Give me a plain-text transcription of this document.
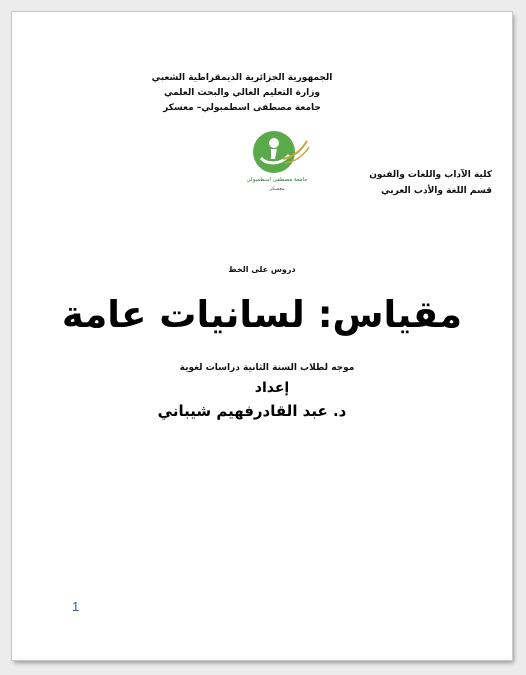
الجمهورية الجزائرية الديمقراطية الشعبي
وزارة التعليم العالي والبحث العلمي
جامعة مصطفى اسطمبولي– معسكر
جامعة مصطفى اسطمبولي
معسكر
كلية الآداب واللغات والفنون
قسم اللغة والأدب العربي
دروس على الخط
مقياس: لسانيات عامة
موجه لطلاب السنة الثانية دراسات لغوية
إعداد
د. عبد القادرفهيم شيباني
1
